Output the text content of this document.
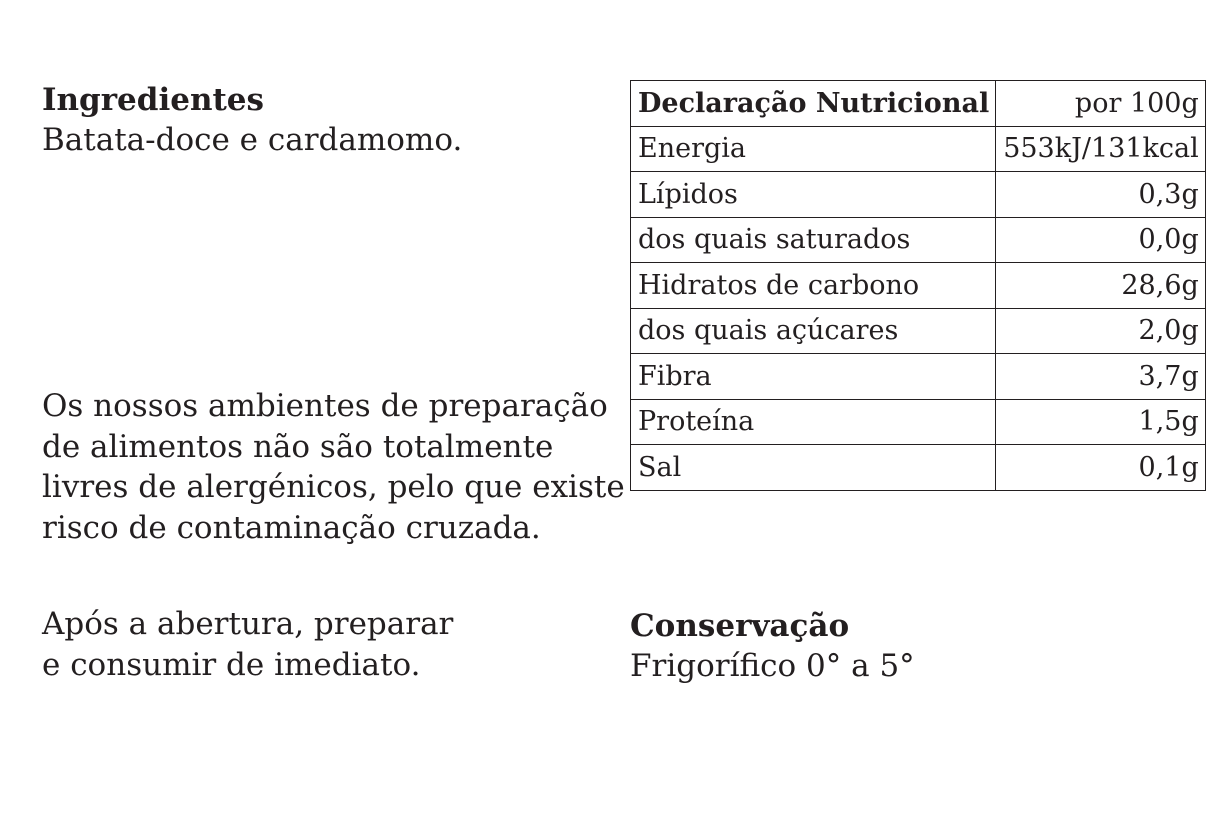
Ingredientes
Batata-doce e cardamomo.
Os nossos ambientes de preparação
de alimentos não são totalmente
livres de alergénicos, pelo que existe
risco de contaminação cruzada.
Após a abertura, preparar
e consumir de imediato.
Declaração Nutricional	por 100g
Energia	553kJ/131kcal
Lípidos	0,3g
dos quais saturados	0,0g
Hidratos de carbono	28,6g
dos quais açúcares	2,0g
Fibra	3,7g
Proteína	1,5g
Sal	0,1g
Conservação
Frigorífico 0° a 5°
